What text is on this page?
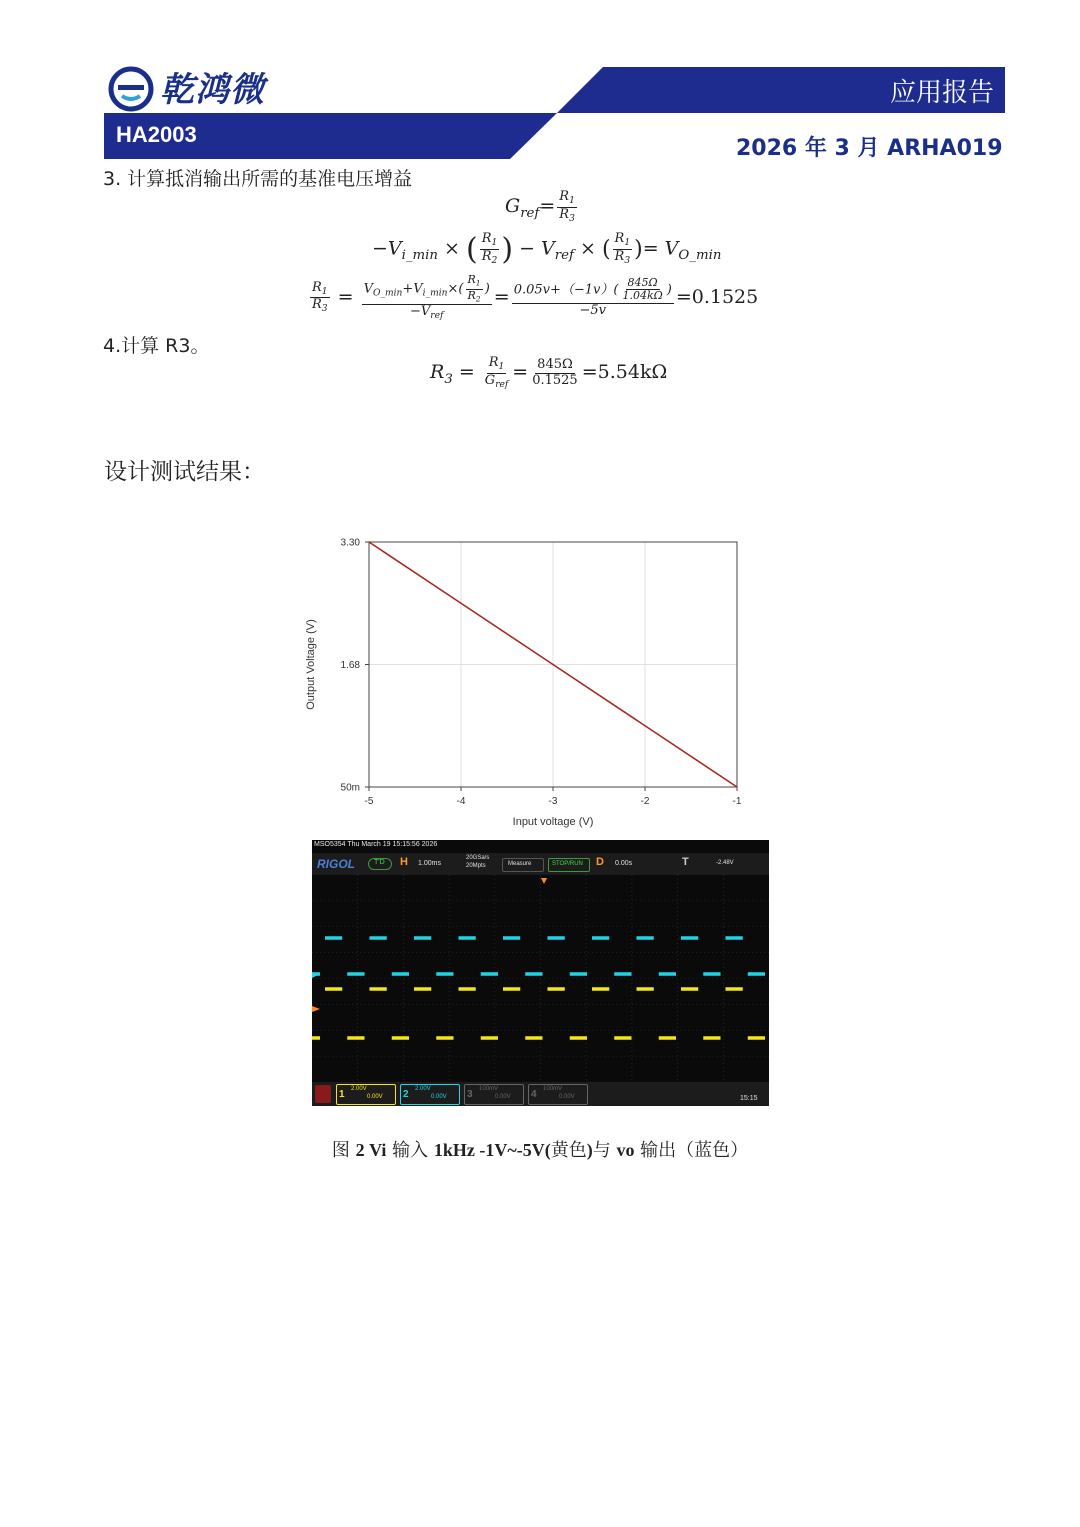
乾鸿微	应用报告
HA2003
2026 年 3 月 ARHA019
3. 计算抵消输出所需的基准电压增益
$G_{ref}= \frac{R_1}{R_3}$
$-V_{i\_min}$ × ( $\frac{R_1}{R_2}$ ) − $V_{ref}$ × ( $\frac{R_1}{R_3}$ )= $V_{O\_min}$
$\frac{R_1}{R_3} = \frac{V_{O\_min}+V_{i\_min}\times( \frac{R_1}{R_2} )}{-V_{ref}} = \frac{0.05v+(-1v)( \frac{845\Omega}{1.04k\Omega} )}{-5v} =0.1525$
4.计算 R3。
$R_3 = \frac{R_1}{G_{ref}} = \frac{845\Omega}{0.1525} =5.54k\Omega$
设计测试结果：
-5	-4	-3	-2	-1
50m
1.68
3.30
Input voltage (V)
Output Voltage (V)
MSO5354 Thu March 19 15:15:56 2026
RIGOL	T'D H 1.00ms
20GSa/s
20Mpts	Measure	STOP/RUN D 0.00s	T	-2.48V
1 2.00V
0.00V 2 2.00V
0.00V 3 100mV
0.00V 4 100mV
0.00V	15:15
图 2 Vi 输入 1kHz -1V~-5V(黄色)与 vo 输出（蓝色）
